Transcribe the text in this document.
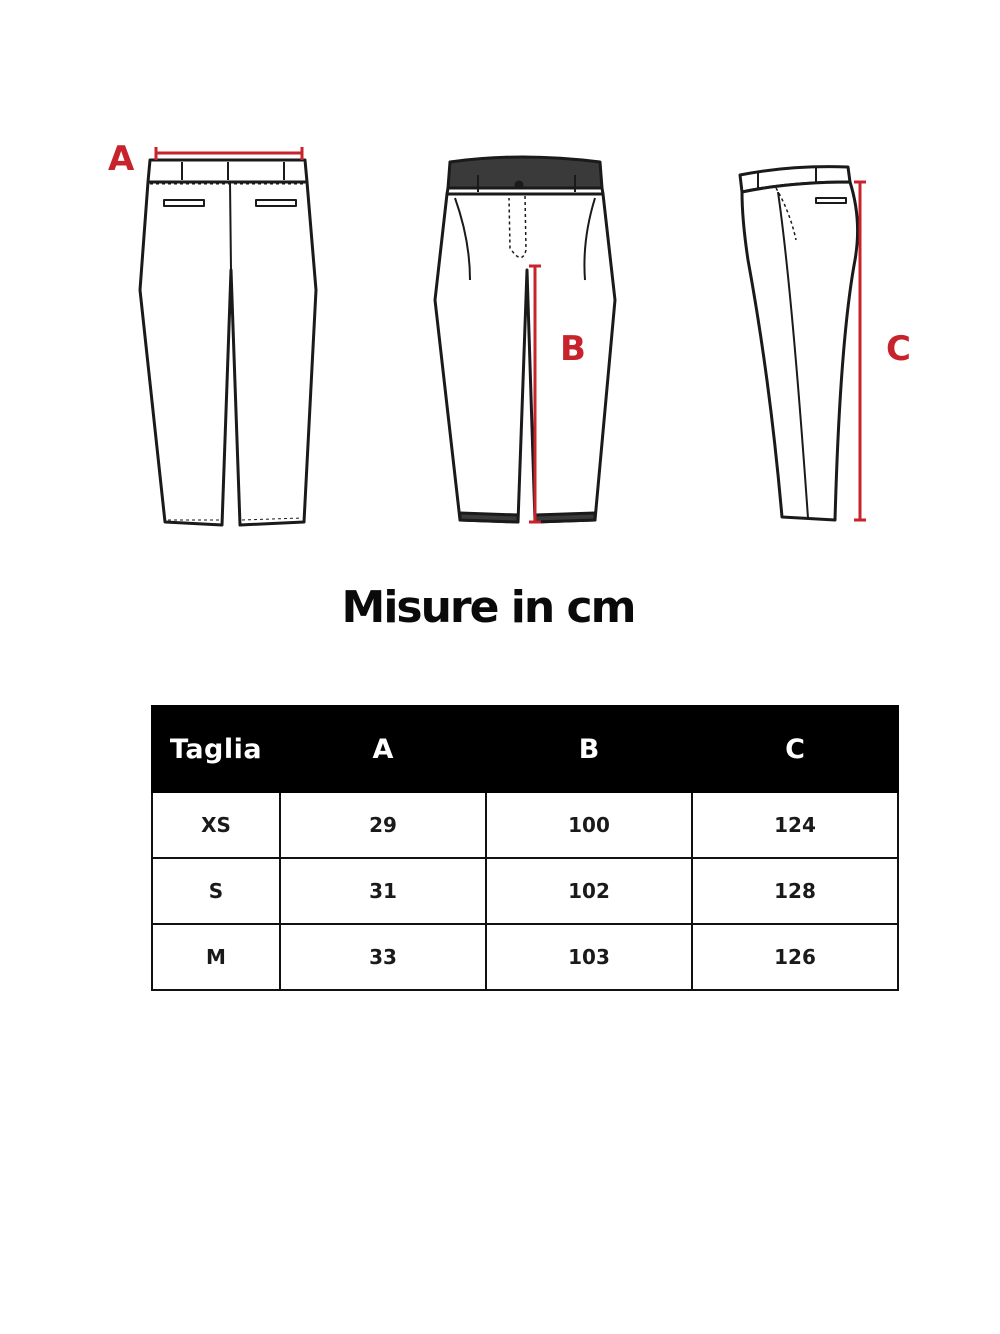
A
B	C
Misure in cm
Taglia	A	B	C
XS	29	100	124
S	31	102	128
M	33	103	126
